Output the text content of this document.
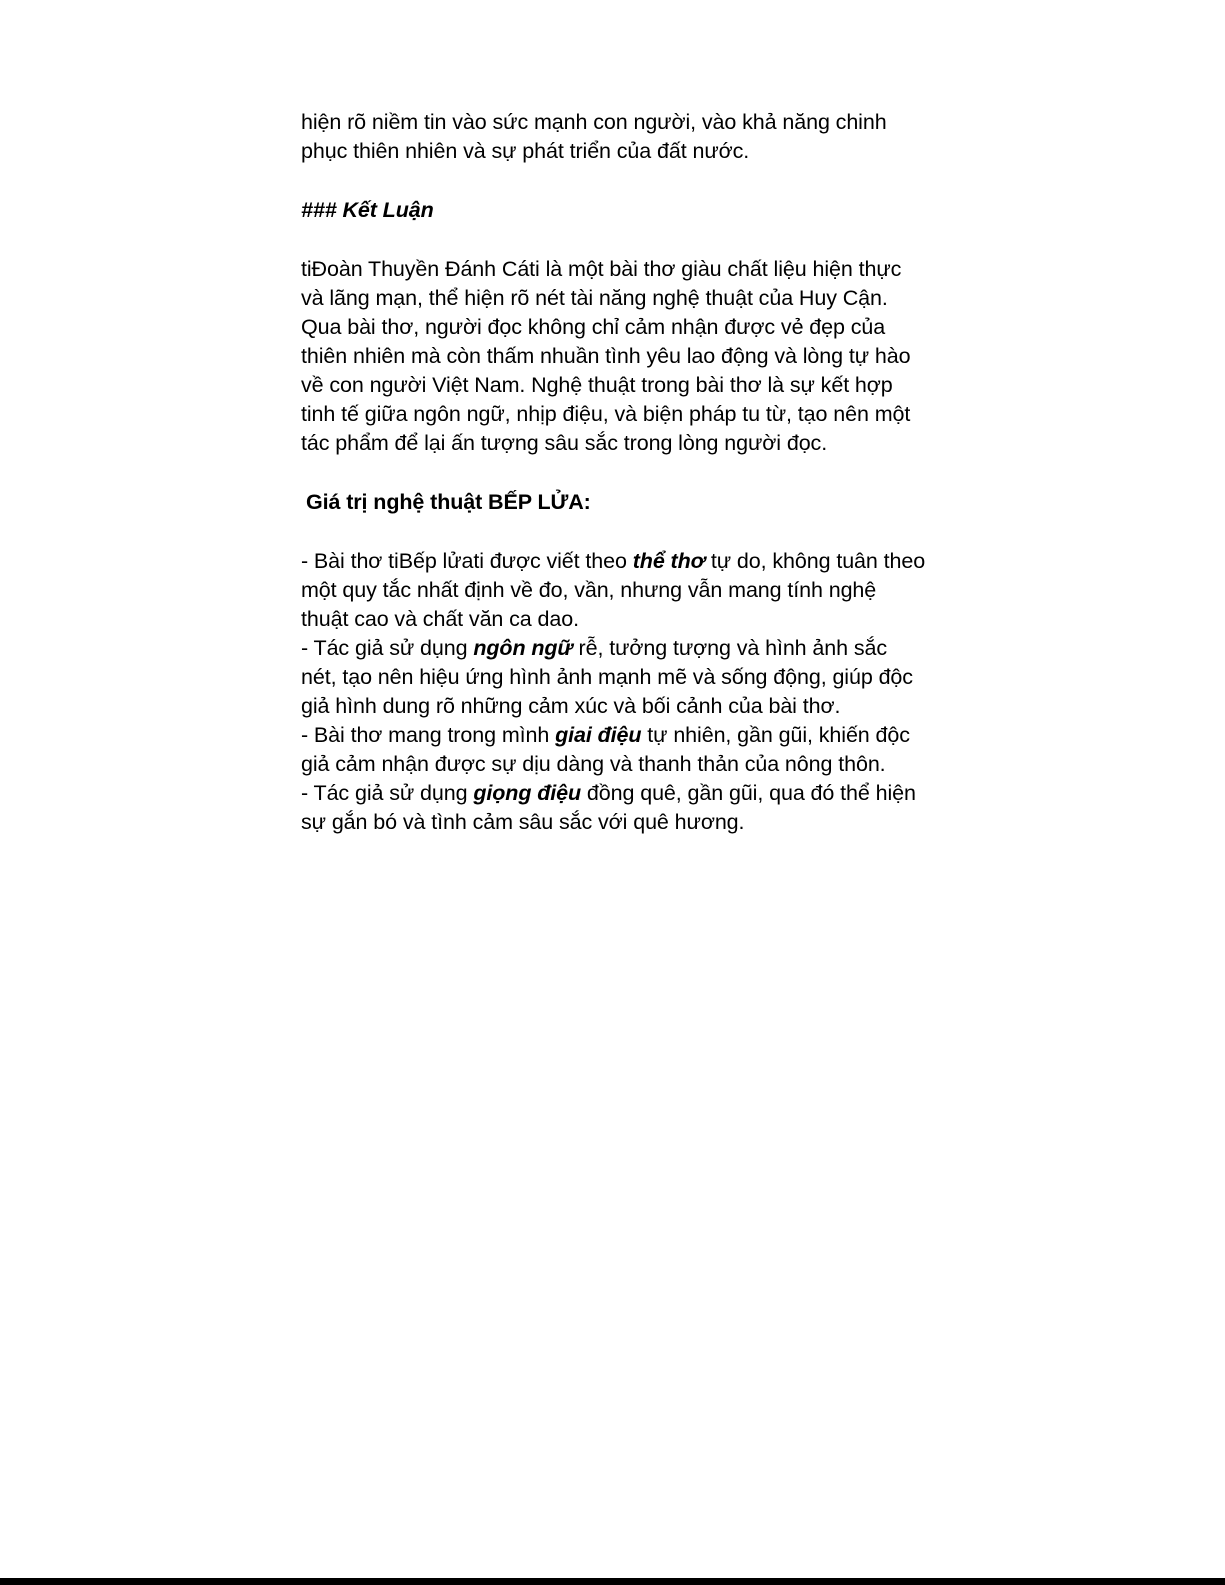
hiện rõ niềm tin vào sức mạnh con người, vào khả năng chinh phục thiên nhiên và sự phát triển của đất nước.

### Kết Luận

tiĐoàn Thuyền Đánh Cáti là một bài thơ giàu chất liệu hiện thực và lãng mạn, thể hiện rõ nét tài năng nghệ thuật của Huy Cận. Qua bài thơ, người đọc không chỉ cảm nhận được vẻ đẹp của thiên nhiên mà còn thấm nhuần tình yêu lao động và lòng tự hào về con người Việt Nam. Nghệ thuật trong bài thơ là sự kết hợp tinh tế giữa ngôn ngữ, nhịp điệu, và biện pháp tu từ, tạo nên một tác phẩm để lại ấn tượng sâu sắc trong lòng người đọc.

Giá trị nghệ thuật BẾP LỬA:

- Bài thơ tiBếp lửati được viết theo thể thơ tự do, không tuân theo một quy tắc nhất định về đo, vần, nhưng vẫn mang tính nghệ thuật cao và chất văn ca dao.

- Tác giả sử dụng ngôn ngữ rễ, tưởng tượng và hình ảnh sắc nét, tạo nên hiệu ứng hình ảnh mạnh mẽ và sống động, giúp độc giả hình dung rõ những cảm xúc và bối cảnh của bài thơ.

- Bài thơ mang trong mình giai điệu tự nhiên, gần gũi, khiến độc giả cảm nhận được sự dịu dàng và thanh thản của nông thôn.

- Tác giả sử dụng giọng điệu đồng quê, gần gũi, qua đó thể hiện sự gắn bó và tình cảm sâu sắc với quê hương.
